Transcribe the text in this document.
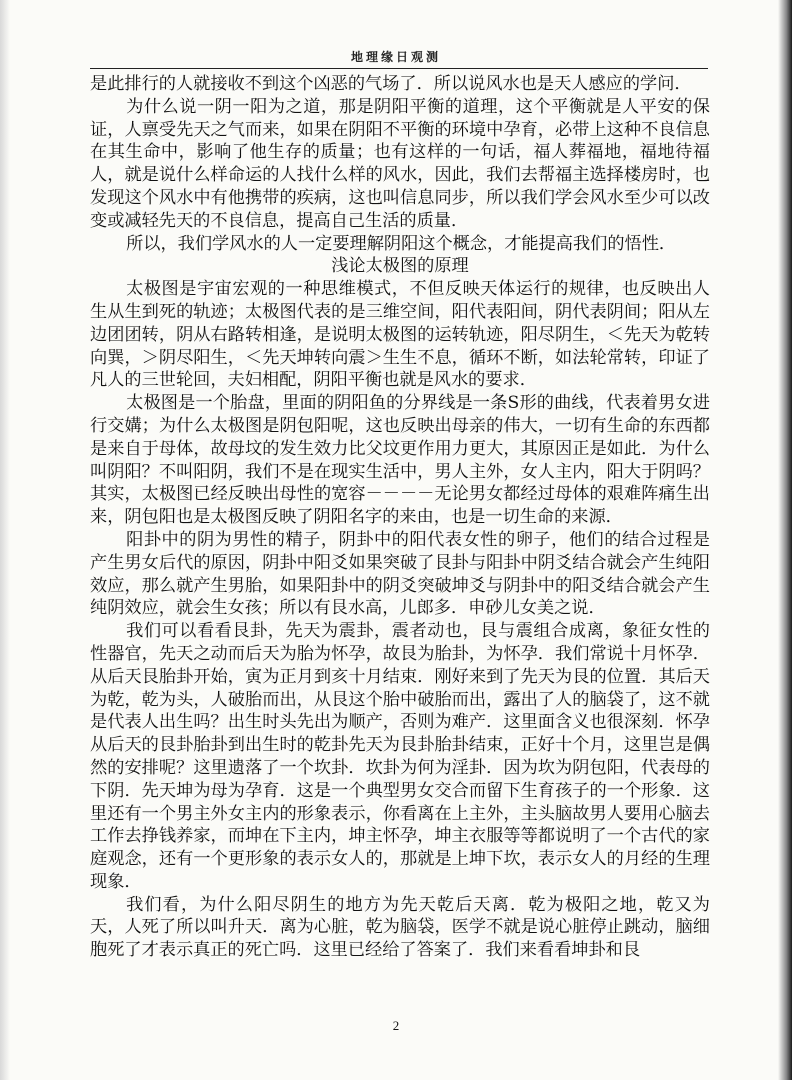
地理缘日观测

是此排行的人就接收不到这个凶恶的气场了．所以说风水也是天人感应的学问．

为什么说一阴一阳为之道，那是阴阳平衡的道理，这个平衡就是人平安的保证，人禀受先天之气而来，如果在阴阳不平衡的环境中孕育，必带上这种不良信息在其生命中，影响了他生存的质量；也有这样的一句话，福人葬福地，福地待福人，就是说什么样命运的人找什么样的风水，因此，我们去帮福主选择楼房时，也发现这个风水中有他携带的疾病，这也叫信息同步，所以我们学会风水至少可以改变或减轻先天的不良信息，提高自己生活的质量．

所以，我们学风水的人一定要理解阴阳这个概念，才能提高我们的悟性．

浅论太极图的原理

太极图是宇宙宏观的一种思维模式，不但反映天体运行的规律，也反映出人生从生到死的轨迹；太极图代表的是三维空间，阳代表阳间，阴代表阴间；阳从左边团团转，阴从右路转相逢，是说明太极图的运转轨迹，阳尽阴生，＜先天为乾转向巽，＞阴尽阳生，＜先天坤转向震＞生生不息，循环不断，如法轮常转，印证了凡人的三世轮回，夫妇相配，阴阳平衡也就是风水的要求．

太极图是一个胎盘，里面的阴阳鱼的分界线是一条S形的曲线，代表着男女进行交媾；为什么太极图是阴包阳呢，这也反映出母亲的伟大，一切有生命的东西都是来自于母体，故母坟的发生效力比父坟更作用力更大，其原因正是如此．为什么叫阴阳？不叫阳阴，我们不是在现实生活中，男人主外，女人主内，阳大于阴吗？其实，太极图已经反映出母性的宽容－－－－无论男女都经过母体的艰难阵痛生出来，阴包阳也是太极图反映了阴阳名字的来由，也是一切生命的来源．

阳卦中的阴为男性的精子，阴卦中的阳代表女性的卵子，他们的结合过程是产生男女后代的原因，阴卦中阳爻如果突破了艮卦与阳卦中阴爻结合就会产生纯阳效应，那么就产生男胎，如果阳卦中的阴爻突破坤爻与阴卦中的阳爻结合就会产生纯阴效应，就会生女孩；所以有艮水高，儿郎多．申砂儿女美之说．

我们可以看看艮卦，先天为震卦，震者动也，艮与震组合成离，象征女性的性器官，先天之动而后天为胎为怀孕，故艮为胎卦，为怀孕．我们常说十月怀孕．从后天艮胎卦开始，寅为正月到亥十月结束．刚好来到了先天为艮的位置．其后天为乾，乾为头，人破胎而出，从艮这个胎中破胎而出，露出了人的脑袋了，这不就是代表人出生吗？出生时头先出为顺产，否则为难产．这里面含义也很深刻．怀孕从后天的艮卦胎卦到出生时的乾卦先天为艮卦胎卦结束，正好十个月，这里岂是偶然的安排呢？这里遗落了一个坎卦．坎卦为何为淫卦．因为坎为阴包阳，代表母的下阴．先天坤为母为孕育．这是一个典型男女交合而留下生育孩子的一个形象．这里还有一个男主外女主内的形象表示，你看离在上主外，主头脑故男人要用心脑去工作去挣钱养家，而坤在下主内，坤主怀孕，坤主衣服等等都说明了一个古代的家庭观念，还有一个更形象的表示女人的，那就是上坤下坎，表示女人的月经的生理现象．

我们看，为什么阳尽阴生的地方为先天乾后天离．乾为极阳之地，乾又为天，人死了所以叫升天．离为心脏，乾为脑袋，医学不就是说心脏停止跳动，脑细胞死了才表示真正的死亡吗．这里已经给了答案了．我们来看看坤卦和艮

2
